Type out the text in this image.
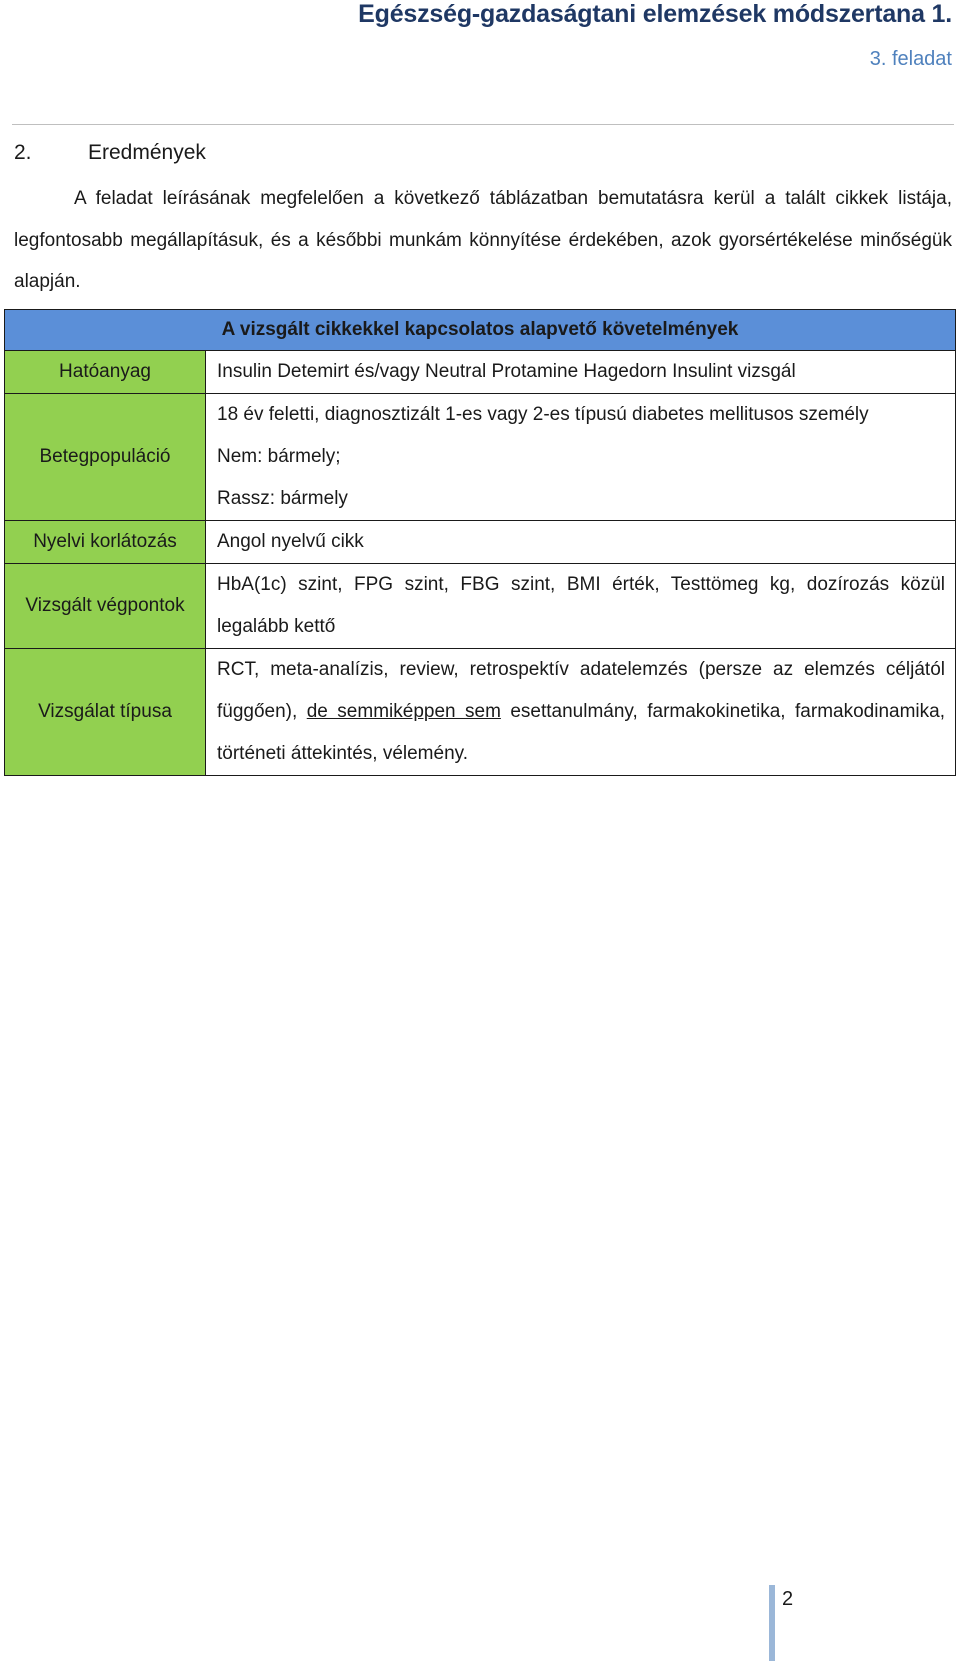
Egészség-gazdaságtani elemzések módszertana 1.
3. feladat
2.	Eredmények

A feladat leírásának megfelelően a következő táblázatban bemutatásra kerül a talált cikkek listája, legfontosabb megállapításuk, és a későbbi munkám könnyítése érdekében, azok gyorsértékelése minőségük alapján.

A vizsgált cikkekkel kapcsolatos alapvető követelmények	
Hatóanyag	Insulin Detemirt és/vagy Neutral Protamine Hagedorn Insulint vizsgál

Betegpopuláció	18 év feletti, diagnosztizált 1-es vagy 2-es típusú diabetes mellitusos személy
Nem: bármely;
Rassz: bármely

Nyelvi korlátozás	Angol nyelvű cikk

Vizsgált végpontok	HbA(1c) szint, FPG szint, FBG szint, BMI érték, Testtömeg kg, dozírozás közül legalább kettő

Vizsgálat típusa	RCT, meta-analízis, review, retrospektív adatelemzés (persze az elemzés céljától függően), de semmiképpen sem esettanulmány, farmakokinetika, farmakodinamika, történeti áttekintés, vélemény.
2
